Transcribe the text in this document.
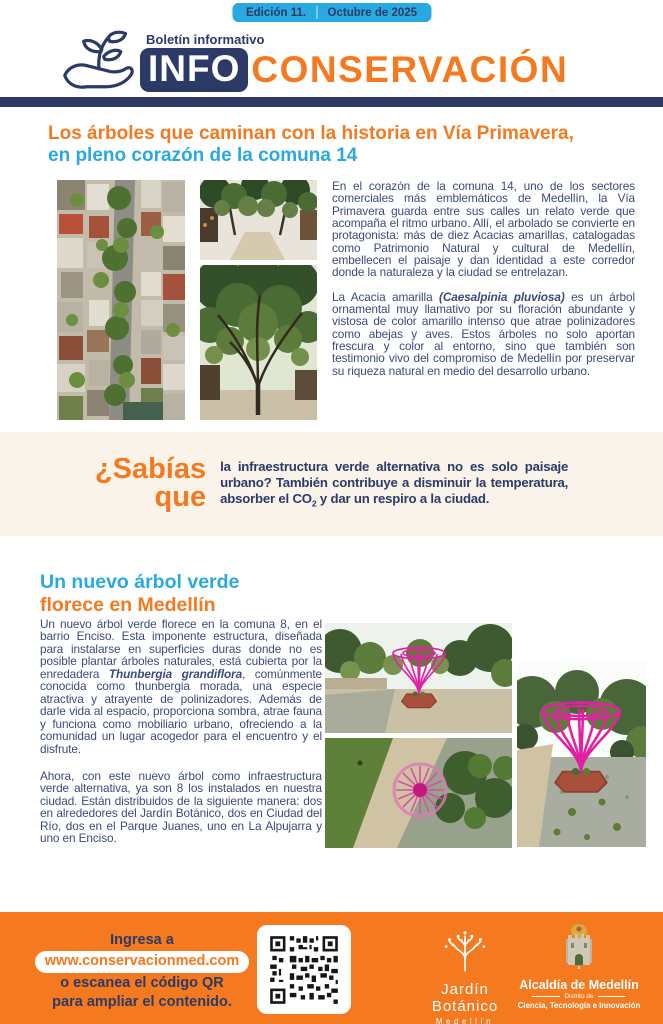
Edición 11. Octubre de 2025
Boletín informativo
INFO CONSERVACIÓN
Los árboles que caminan con la historia en Vía Primavera,
en pleno corazón de la comuna 14

En el corazón de la comuna 14, uno de los sectores comerciales más emblemáticos de Medellín, la Vía Primavera guarda entre sus calles un relato verde que acompaña el ritmo urbano. Allí, el arbolado se convierte en protagonista: más de diez Acacias amarillas, catalogadas como Patrimonio Natural y cultural de Medellín, embellecen el paisaje y dan identidad a este corredor donde la naturaleza y la ciudad se entrelazan.

La Acacia amarilla (Caesalpinia pluviosa) es un árbol ornamental muy llamativo por su floración abundante y vistosa de color amarillo intenso que atrae polinizadores como abejas y aves. Estos árboles no solo aportan frescura y color al entorno, sino que también son testimonio vivo del compromiso de Medellín por preservar su riqueza natural en medio del desarrollo urbano.

¿Sabías
que
la infraestructura verde alternativa no es solo paisaje urbano? También contribuye a disminuir la temperatura, absorber el $CO_2$ y dar un respiro a la ciudad.
Un nuevo árbol verde
florece en Medellín

Un nuevo árbol verde florece en la comuna 8, en el barrio Enciso. Esta imponente estructura, diseñada para instalarse en superficies duras donde no es posible plantar árboles naturales, está cubierta por la enredadera Thunbergia grandiflora, comúnmente conocida como thunbergia morada, una especie atractiva y atrayente de polinizadores. Además de darle vida al espacio, proporciona sombra, atrae fauna y funciona como mobiliario urbano, ofreciendo a la comunidad un lugar acogedor para el encuentro y el disfrute.

Ahora, con este nuevo árbol como infraestructura verde alternativa, ya son 8 los instalados en nuestra ciudad. Están distribuidos de la siguiente manera: dos en alrededores del Jardín Botánico, dos en Ciudad del Río, dos en el Parque Juanes, uno en La Alpujarra y uno en Enciso.

Ingresa a
www.conservacionmed.com
o escanea el código QR
para ampliar el contenido.
Jardín
Botánico
Medellín
Alcaldía de Medellín
Distrito de
Ciencia, Tecnología e Innovación
